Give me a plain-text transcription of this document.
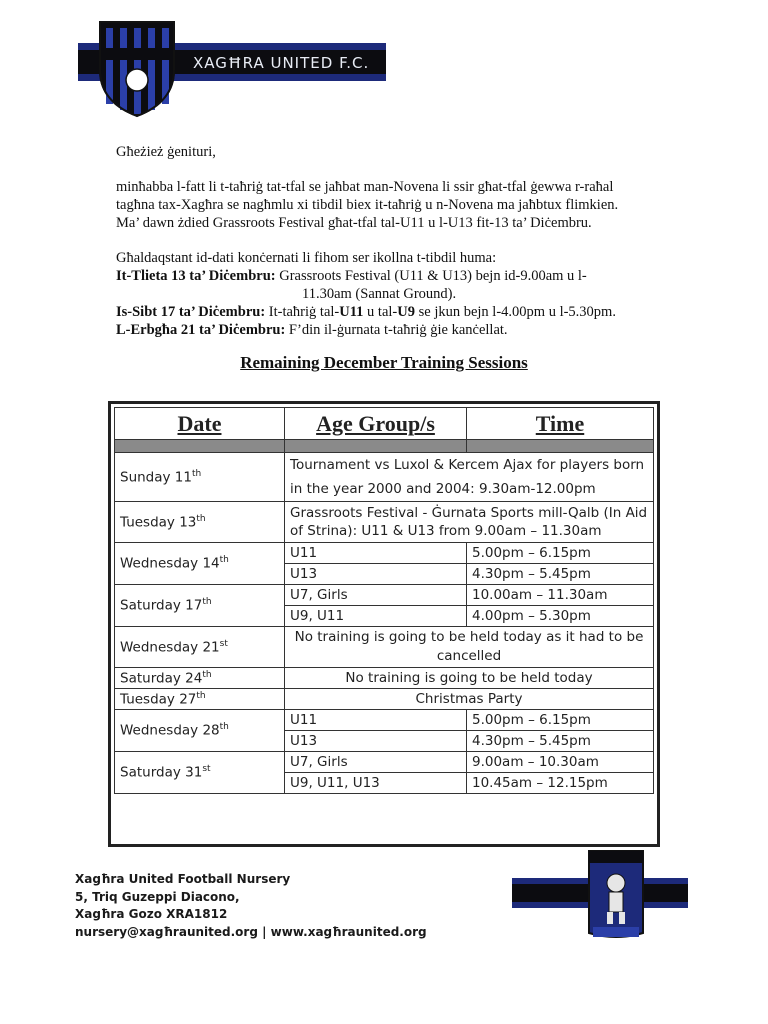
XAGĦRA UNITED F.C.
Għeżież ġenituri,
minħabba l-fatt li t-taħriġ tat-tfal se jaħbat man-Novena li ssir għat-tfal ġewwa r-raħal
tagħna tax-Xagħra se nagħmlu xi tibdil biex it-taħriġ u n-Novena ma jaħbtux flimkien.
Ma’ dawn żdied Grassroots Festival għat-tfal tal-U11 u l-U13 fit-13 ta’ Diċembru.
Għaldaqstant id-dati konċernati li fihom ser ikollna t-tibdil huma:
It-Tlieta 13 ta’ Diċembru: Grassroots Festival (U11 & U13) bejn id-9.00am u l-
11.30am (Sannat Ground).
Is-Sibt 17 ta’ Diċembru: It-taħriġ tal-U11 u tal-U9 se jkun bejn l-4.00pm u l-5.30pm.
L-Erbgħa 21 ta’ Diċembru: F’din il-ġurnata t-taħriġ ġie kanċellat.
Remaining December Training Sessions
Date	Age Group/s	Time

Sunday 11th	Tournament vs Luxol & Kercem Ajax for players born in the year 2000 and 2004: 9.30am-12.00pm	
Tuesday 13th	Grassroots Festival - Ġurnata Sports mill-Qalb (In Aid of Strina): U11 & U13 from 9.00am – 11.30am	
Wednesday 14th	U11	5.00pm – 6.15pm
	U13	4.30pm – 5.45pm
Saturday 17th	U7, Girls	10.00am – 11.30am
	U9, U11	4.00pm – 5.30pm
Wednesday 21st	No training is going to be held today as it had to be cancelled	
Saturday 24th	No training is going to be held today	
Tuesday 27th	Christmas Party	
Wednesday 28th	U11	5.00pm – 6.15pm
	U13	4.30pm – 5.45pm
Saturday 31st	U7, Girls	9.00am – 10.30am
	U9, U11, U13	10.45am – 12.15pm
Xagħra United Football Nursery
5, Triq Guzeppi Diacono,
Xagħra Gozo XRA1812
nursery@xagħraunited.org | www.xagħraunited.org
